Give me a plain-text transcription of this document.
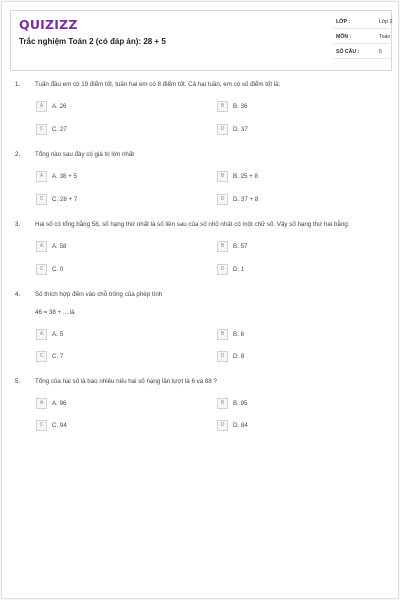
QUIZIZZ
Trắc nghiệm Toán 2 (có đáp án): 28 + 5
LỚP :	Lớp 2
MÔN :	Toán
SỐ CÂU :	5
1. Tuấn đầu em có 19 điểm tốt, tuần hai em có 8 điểm tốt. Cả hai tuần, em có số điểm tốt là:
A	A. 26	B	B. 36
C	C. 27	D	D. 37
2. Tổng nào sau đây có giá trị lớn nhất
A	A. 38 + 5	B	B. 25 + 8
C	C. 28 + 7	D	D. 37 + 8
3. Hai số có tổng bằng 58, số hạng thứ nhất là số liền sau của số nhỏ nhất có một chữ số. Vậy số hạng thứ hai bằng:
A	A. 58	B	B. 57
C	C. 0	D	D. 1
4. Số thích hợp điền vào chỗ trống của phép tính
46 = 38 + ....là
A	A. 5	B	B. 6
C	C. 7	D	D. 8
5. Tổng của hai số là bao nhiêu nếu hai số hạng lần lượt là 6 và 88 ?
A	A. 96	B	B. 95
C	C. 94	D	D. 84
